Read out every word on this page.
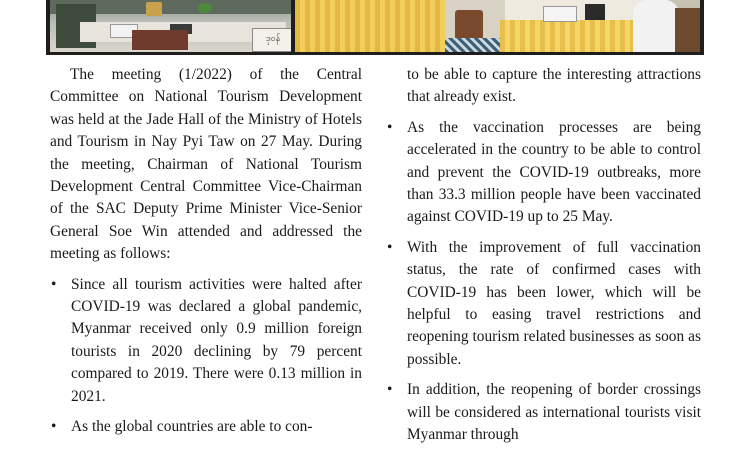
ဒုဝန်

The meeting (1/2022) of the Central Committee on National Tourism Development was held at the Jade Hall of the Ministry of Hotels and Tourism in Nay Pyi Taw on 27 May. During the meeting, Chairman of National Tourism Development Central Committee Vice-Chairman of the SAC Deputy Prime Minister Vice-Senior General Soe Win attended and addressed the meeting as follows:

• Since all tourism activities were halted after COVID-19 was declared a global pandemic, Myanmar received only 0.9 million foreign tourists in 2020 declining by 79 percent compared to 2019. There were 0.13 million in 2021.
• As the global countries are able to con-

to be able to capture the interesting attractions that already exist.

• As the vaccination processes are being accelerated in the country to be able to control and prevent the COVID-19 outbreaks, more than 33.3 million people have been vaccinated against COVID-19 up to 25 May.
• With the improvement of full vaccination status, the rate of confirmed cases with COVID-19 has been lower, which will be helpful to easing travel restrictions and reopening tourism related businesses as soon as possible.
• In addition, the reopening of border crossings will be considered as international tourists visit Myanmar through
